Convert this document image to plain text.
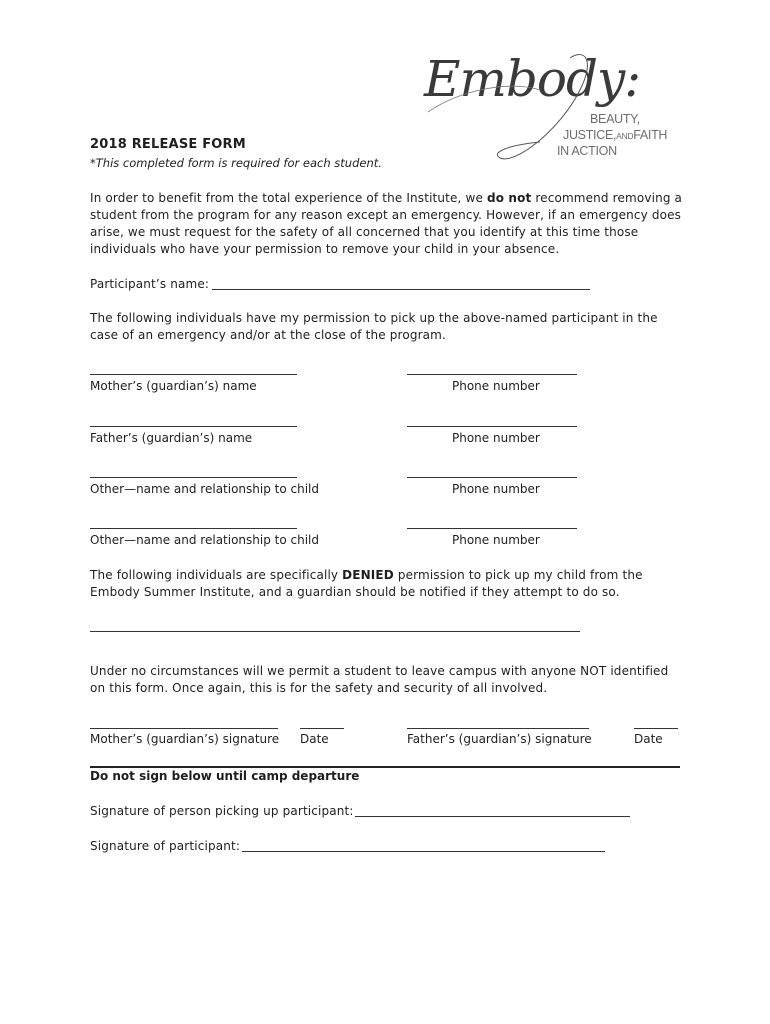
Embody:
BEAUTY,
JUSTICE,ANDFAITH
IN ACTION
2018 RELEASE FORM
*This completed form is required for each student.
In order to benefit from the total experience of the Institute, we do not recommend removing a student from the program for any reason except an emergency. However, if an emergency does arise, we must request for the safety of all concerned that you identify at this time those individuals who have your permission to remove your child in your absence.
Participant’s name:
The following individuals have my permission to pick up the above-named participant in the case of an emergency and/or at the close of the program.
Mother’s (guardian’s) name	Phone number
Father’s (guardian’s) name	Phone number
Other—name and relationship to child	Phone number
Other—name and relationship to child	Phone number
The following individuals are specifically DENIED permission to pick up my child from the Embody Summer Institute, and a guardian should be notified if they attempt to do so.
Under no circumstances will we permit a student to leave campus with anyone NOT identified on this form. Once again, this is for the safety and security of all involved.
Mother’s (guardian’s) signature Date	Father’s (guardian’s) signature	Date
Do not sign below until camp departure
Signature of person picking up participant:
Signature of participant:
